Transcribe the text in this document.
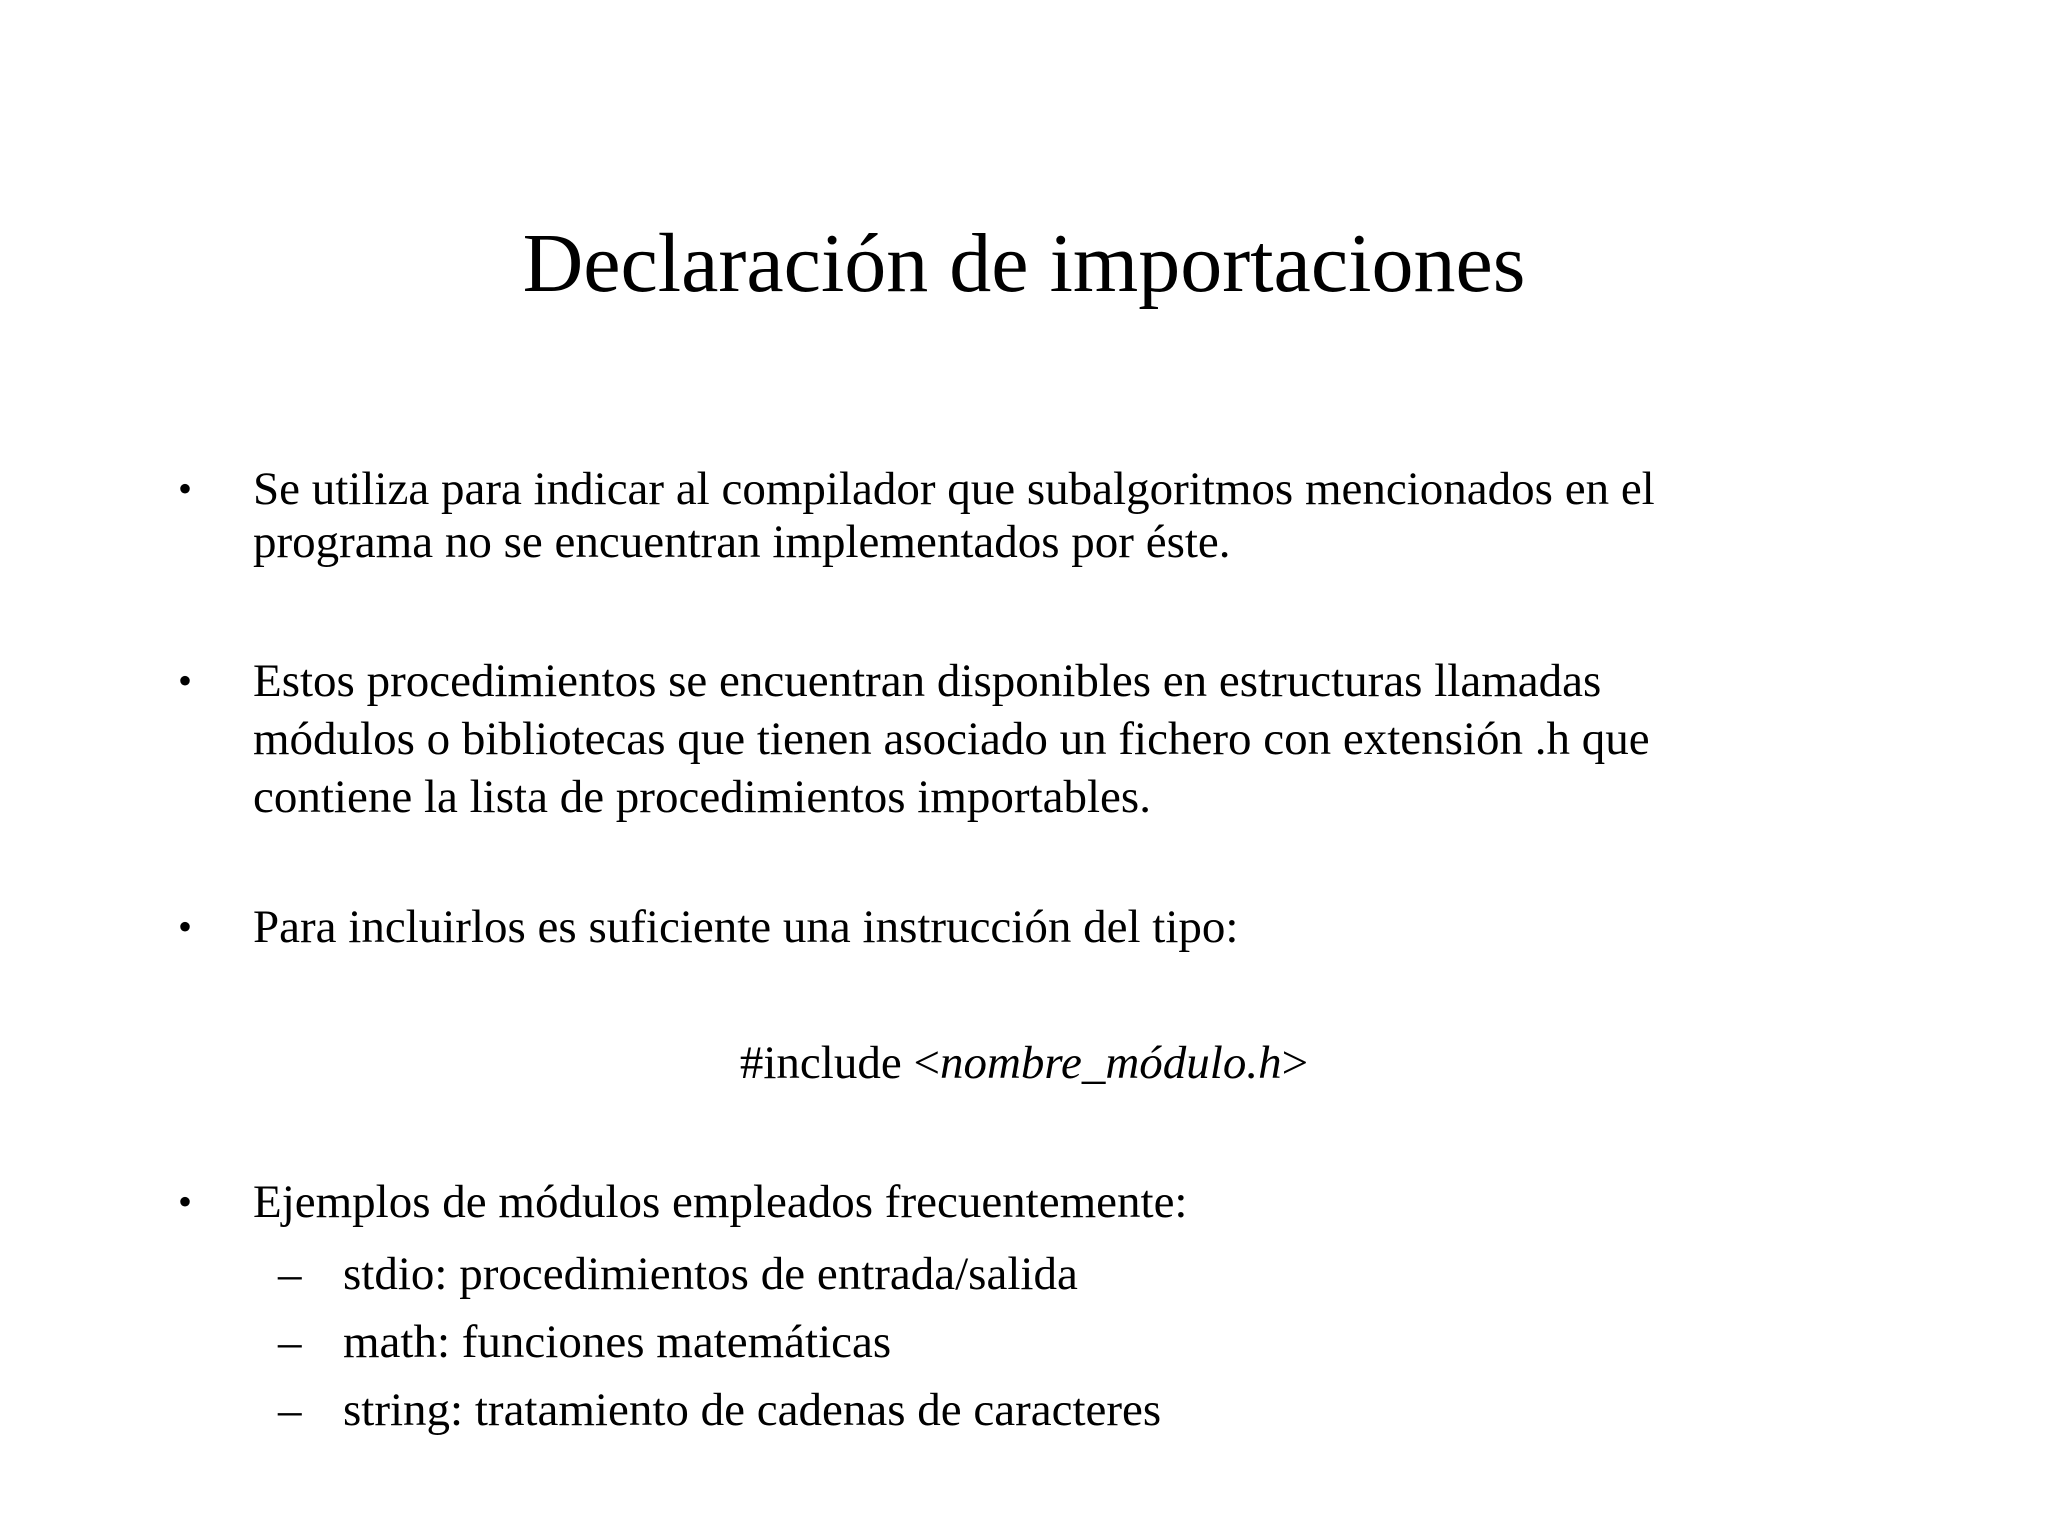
Declaración de importaciones
• Se utiliza para indicar al compilador que subalgoritmos mencionados en el
programa no se encuentran implementados por éste.
• Estos procedimientos se encuentran disponibles en estructuras llamadas
módulos o bibliotecas que tienen asociado un fichero con extensión .h que
contiene la lista de procedimientos importables.
• Para incluirlos es suficiente una instrucción del tipo:
#include <nombre_módulo.h>
• Ejemplos de módulos empleados frecuentemente:
– stdio: procedimientos de entrada/salida
– math: funciones matemáticas
– string: tratamiento de cadenas de caracteres
